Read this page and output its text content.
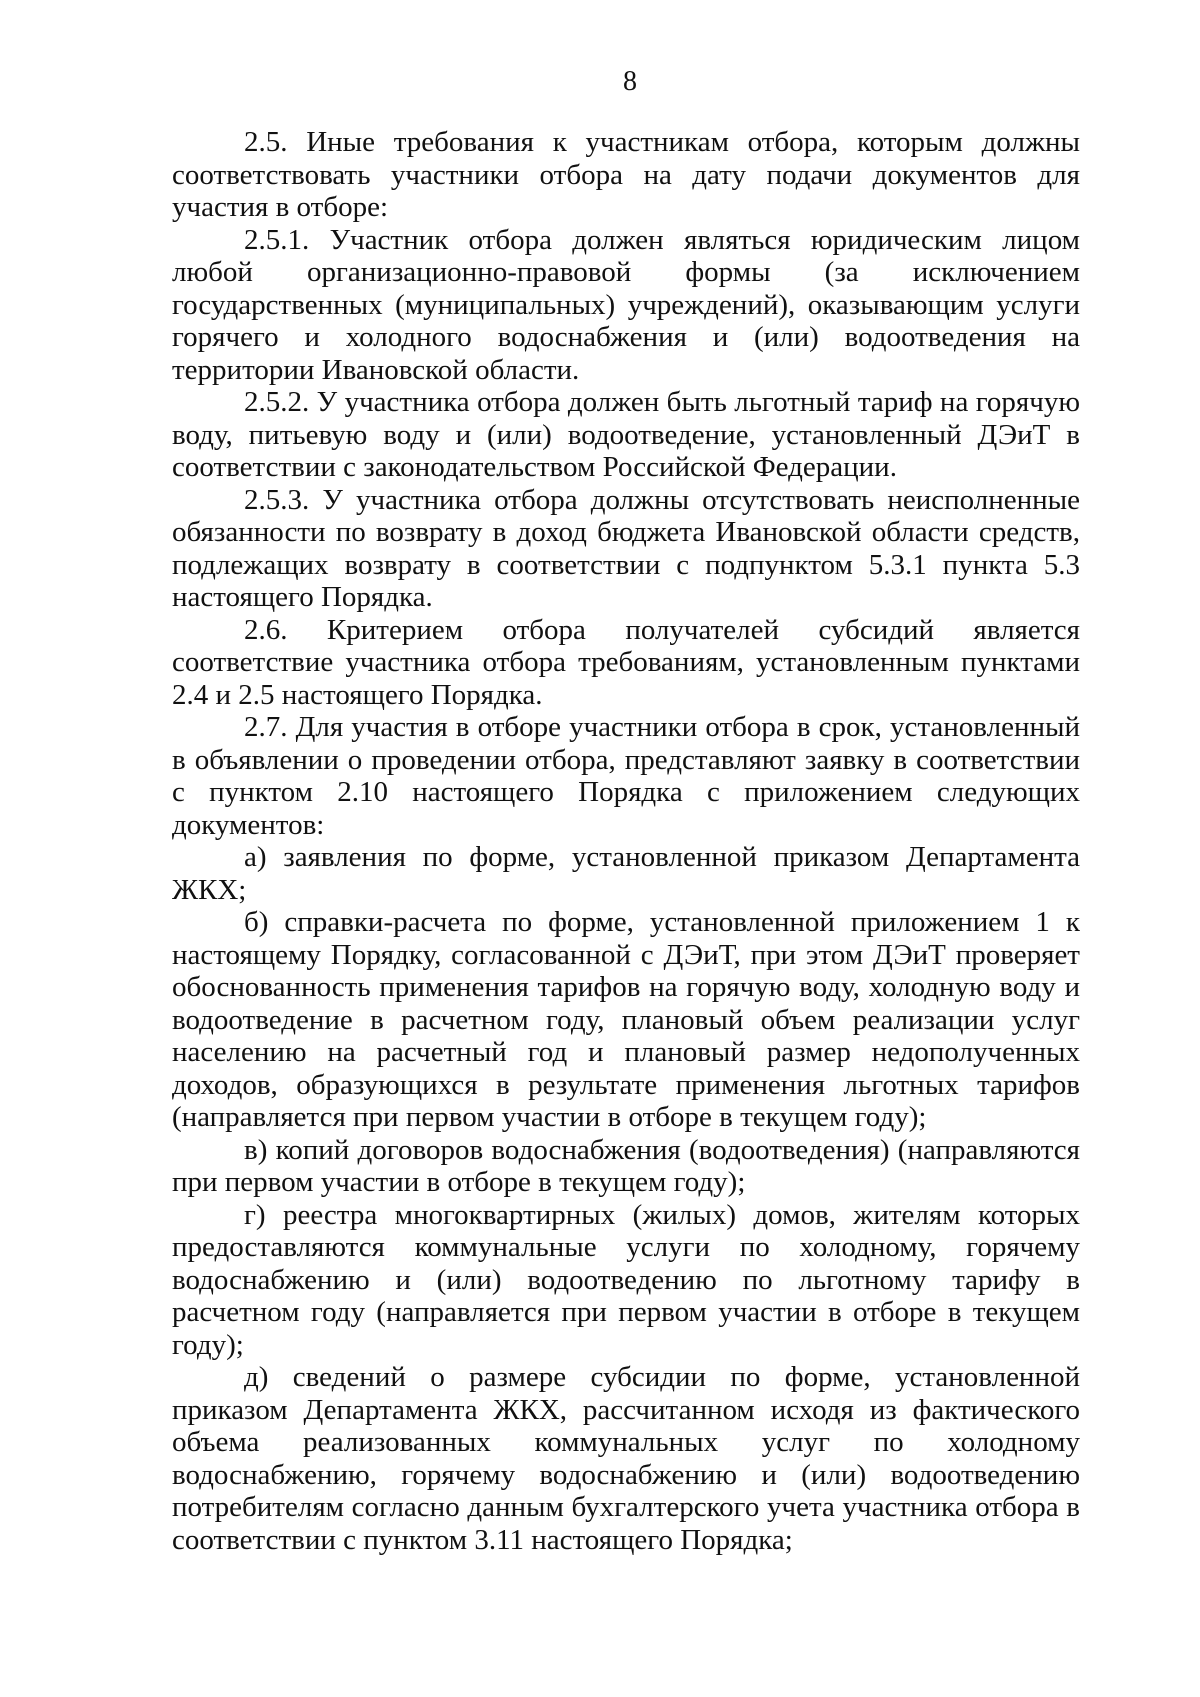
8

2.5. Иные требования к участникам отбора, которым должны соответствовать участники отбора на дату подачи документов для участия в отборе:

2.5.1. Участник отбора должен являться юридическим лицом любой организационно-правовой формы (за исключением государственных (муниципальных) учреждений), оказывающим услуги горячего и холодного водоснабжения и (или) водоотведения на территории Ивановской области.

2.5.2. У участника отбора должен быть льготный тариф на горячую воду, питьевую воду и (или) водоотведение, установленный ДЭиТ в соответствии с законодательством Российской Федерации.

2.5.3. У участника отбора должны отсутствовать неисполненные обязанности по возврату в доход бюджета Ивановской области средств, подлежащих возврату в соответствии с подпунктом 5.3.1 пункта 5.3 настоящего Порядка.

2.6. Критерием отбора получателей субсидий является соответствие участника отбора требованиям, установленным пунктами 2.4 и 2.5 настоящего Порядка.

2.7. Для участия в отборе участники отбора в срок, установленный в объявлении о проведении отбора, представляют заявку в соответствии с пунктом 2.10 настоящего Порядка с приложением следующих документов:

а) заявления по форме, установленной приказом Департамента ЖКХ;

б) справки-расчета по форме, установленной приложением 1 к настоящему Порядку, согласованной с ДЭиТ, при этом ДЭиТ проверяет обоснованность применения тарифов на горячую воду, холодную воду и водоотведение в расчетном году, плановый объем реализации услуг населению на расчетный год и плановый размер недополученных доходов, образующихся в результате применения льготных тарифов (направляется при первом участии в отборе в текущем году);

в) копий договоров водоснабжения (водоотведения) (направляются при первом участии в отборе в текущем году);

г) реестра многоквартирных (жилых) домов, жителям которых предоставляются коммунальные услуги по холодному, горячему водоснабжению и (или) водоотведению по льготному тарифу в расчетном году (направляется при первом участии в отборе в текущем году);

д) сведений о размере субсидии по форме, установленной приказом Департамента ЖКХ, рассчитанном исходя из фактического объема реализованных коммунальных услуг по холодному водоснабжению, горячему водоснабжению и (или) водоотведению потребителям согласно данным бухгалтерского учета участника отбора в соответствии с пунктом 3.11 настоящего Порядка;
